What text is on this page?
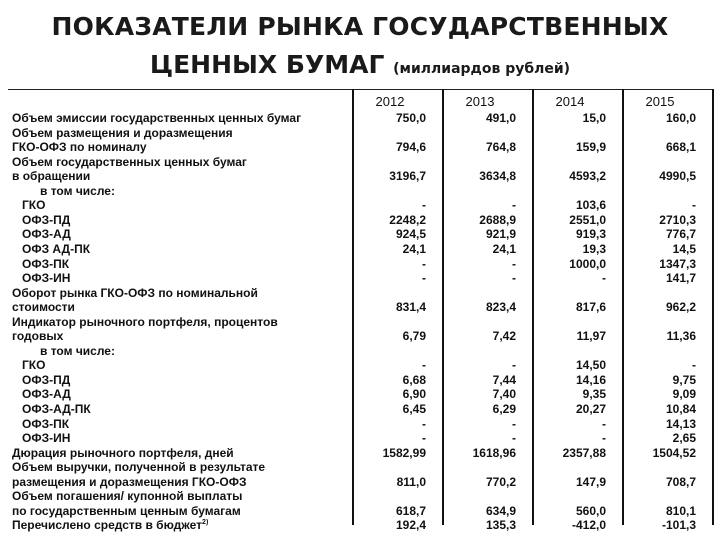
ПОКАЗАТЕЛИ РЫНКА ГОСУДАРСТВЕННЫХ
ЦЕННЫХ БУМАГ (миллиардов рублей)
2012	2013	2014	2015
Объем эмиссии государственных ценных бумаг	750,0	491,0	15,0	160,0
Объем размещения и доразмещения
ГКО-ОФЗ по номиналу	794,6	764,8	159,9	668,1
Объем государственных ценных бумаг
в обращении	3196,7	3634,8	4593,2	4990,5
в том числе:
ГКО	-	-	103,6	-
ОФЗ-ПД	2248,2	2688,9	2551,0	2710,3
ОФЗ-АД	924,5	921,9	919,3	776,7
ОФЗ АД-ПК	24,1	24,1	19,3	14,5
ОФЗ-ПК	-	-	1000,0	1347,3
ОФЗ-ИН	-	-	-	141,7
Оборот рынка ГКО-ОФЗ по номинальной
стоимости	831,4	823,4	817,6	962,2
Индикатор рыночного портфеля, процентов
годовых	6,79	7,42	11,97	11,36
в том числе:
ГКО	-	-	14,50	-
ОФЗ-ПД	6,68	7,44	14,16	9,75
ОФЗ-АД	6,90	7,40	9,35	9,09
ОФЗ-АД-ПК	6,45	6,29	20,27	10,84
ОФЗ-ПК	-	-	-	14,13
ОФЗ-ИН	-	-	-	2,65
Дюрация рыночного портфеля, дней	1582,99	1618,96	2357,88	1504,52
Объем выручки, полученной в результате
размещения и доразмещения ГКО-ОФЗ	811,0	770,2	147,9	708,7
Объем погашения/ купонной выплаты
по государственным ценным бумагам	618,7	634,9	560,0	810,1
Перечислено средств в бюджет$^{2)}$	192,4	135,3	-412,0	-101,3
